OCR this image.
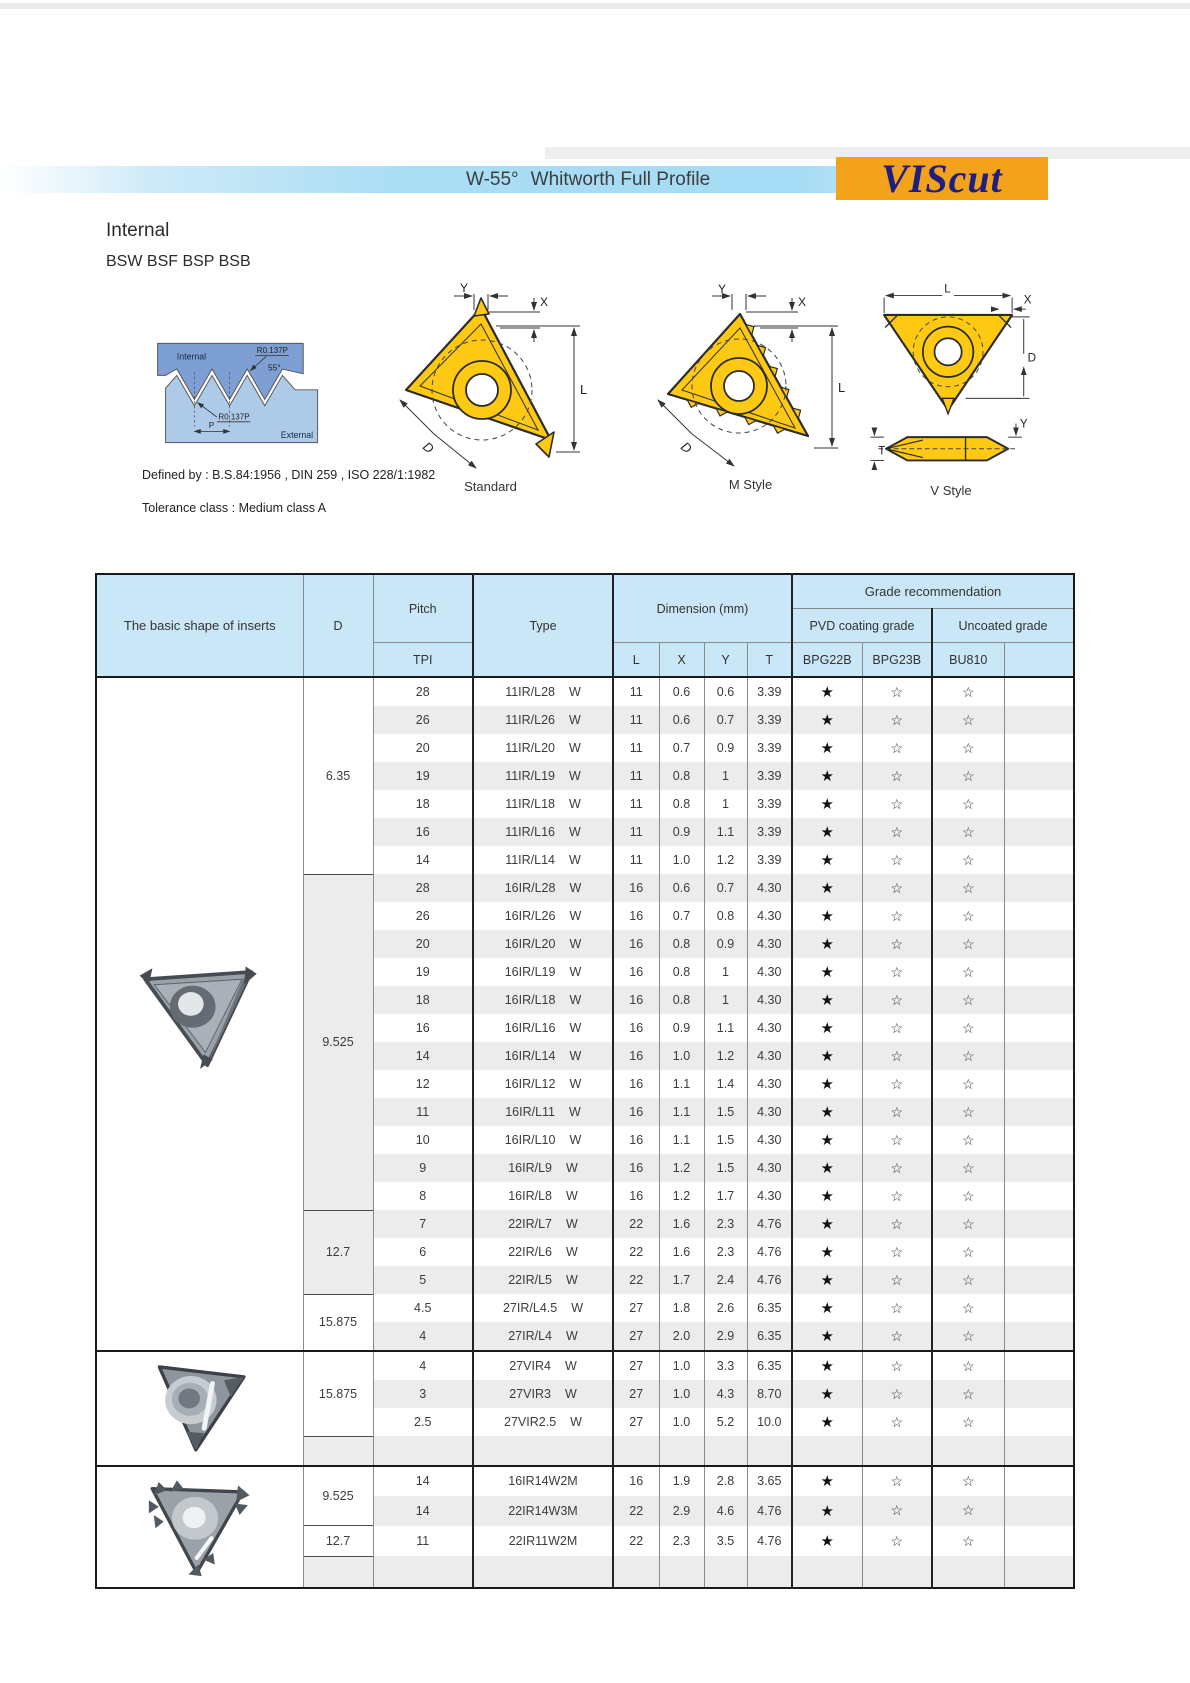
W-55° Whitworth Full Profile	VIScut
Internal
BSW BSF BSP BSB
Internal
External
R0.137P
55°
R0.137P
P
Defined by : B.S.84:1956 , DIN 259 , ISO 228/1:1982
Tolerance class : Medium class A
Y
X
L
D
Standard
Y
X
L
D
M Style
L
X
D
T
Y
V Style
The basic shape of inserts	D	Pitch	Type	Dimension (mm)				Grade recommendation			
								PVD coating grade		Uncoated grade	
		TPI		L	X	Y	T	BPG22B	BPG23B	BU810	

	6.35	28	11IR/L28 W	11	0.6	0.6	3.39	★	☆	☆	
		26	11IR/L26 W	11	0.6	0.7	3.39	★	☆	☆	
		20	11IR/L20 W	11	0.7	0.9	3.39	★	☆	☆	
		19	11IR/L19 W	11	0.8	1	3.39	★	☆	☆	
		18	11IR/L18 W	11	0.8	1	3.39	★	☆	☆	
		16	11IR/L16 W	11	0.9	1.1	3.39	★	☆	☆	
		14	11IR/L14 W	11	1.0	1.2	3.39	★	☆	☆	
	9.525	28	16IR/L28 W	16	0.6	0.7	4.30	★	☆	☆	
		26	16IR/L26 W	16	0.7	0.8	4.30	★	☆	☆	
		20	16IR/L20 W	16	0.8	0.9	4.30	★	☆	☆	
		19	16IR/L19 W	16	0.8	1	4.30	★	☆	☆	
		18	16IR/L18 W	16	0.8	1	4.30	★	☆	☆	
		16	16IR/L16 W	16	0.9	1.1	4.30	★	☆	☆	
		14	16IR/L14 W	16	1.0	1.2	4.30	★	☆	☆	
		12	16IR/L12 W	16	1.1	1.4	4.30	★	☆	☆	
		11	16IR/L11 W	16	1.1	1.5	4.30	★	☆	☆	
		10	16IR/L10 W	16	1.1	1.5	4.30	★	☆	☆	
		9	16IR/L9 W	16	1.2	1.5	4.30	★	☆	☆	
		8	16IR/L8 W	16	1.2	1.7	4.30	★	☆	☆	
	12.7	7	22IR/L7 W	22	1.6	2.3	4.76	★	☆	☆	
		6	22IR/L6 W	22	1.6	2.3	4.76	★	☆	☆	
		5	22IR/L5 W	22	1.7	2.4	4.76	★	☆	☆	
	15.875	4.5	27IR/L4.5 W	27	1.8	2.6	6.35	★	☆	☆	
		4	27IR/L4 W	27	2.0	2.9	6.35	★	☆	☆	

	15.875	4	27VIR4 W	27	1.0	3.3	6.35	★	☆	☆	
		3	27VIR3 W	27	1.0	4.3	8.70	★	☆	☆	
		2.5	27VIR2.5 W	27	1.0	5.2	10.0	★	☆	☆	

	9.525	14	16IR14W2M	16	1.9	2.8	3.65	★	☆	☆	
		14	22IR14W3M	22	2.9	4.6	4.76	★	☆	☆	
	12.7	11	22IR11W2M	22	2.3	3.5	4.76	★	☆	☆	
